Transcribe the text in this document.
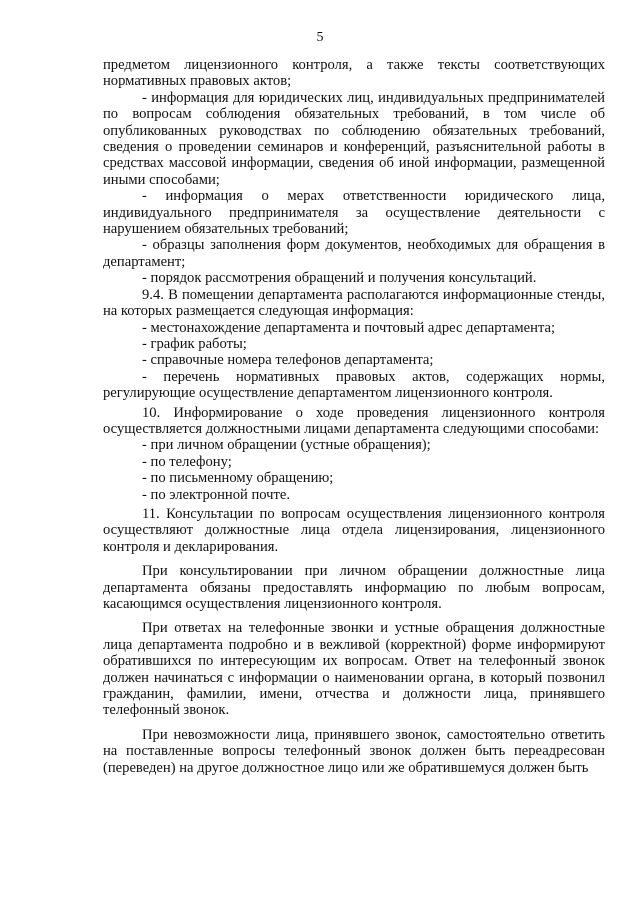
5

предметом лицензионного контроля, а также тексты соответствующих нормативных правовых актов;

- информация для юридических лиц, индивидуальных предпринимателей по вопросам соблюдения обязательных требований, в том числе об опубликованных руководствах по соблюдению обязательных требований, сведения о проведении семинаров и конференций, разъяснительной работы в средствах массовой информации, сведения об иной информации, размещенной иными способами;

- информация о мерах ответственности юридического лица, индивидуального предпринимателя за осуществление деятельности с нарушением обязательных требований;

- образцы заполнения форм документов, необходимых для обращения в департамент;

- порядок рассмотрения обращений и получения консультаций.

9.4. В помещении департамента располагаются информационные стенды, на которых размещается следующая информация:

- местонахождение департамента и почтовый адрес департамента;

- график работы;

- справочные номера телефонов департамента;

- перечень нормативных правовых актов, содержащих нормы, регулирующие осуществление департаментом лицензионного контроля.

10. Информирование о ходе проведения лицензионного контроля осуществляется должностными лицами департамента следующими способами:

- при личном обращении (устные обращения);

- по телефону;

- по письменному обращению;

- по электронной почте.

11. Консультации по вопросам осуществления лицензионного контроля осуществляют должностные лица отдела лицензирования, лицензионного контроля и декларирования.

При консультировании при личном обращении должностные лица департамента обязаны предоставлять информацию по любым вопросам, касающимся осуществления лицензионного контроля.

При ответах на телефонные звонки и устные обращения должностные лица департамента подробно и в вежливой (корректной) форме информируют обратившихся по интересующим их вопросам. Ответ на телефонный звонок должен начинаться с информации о наименовании органа, в который позвонил гражданин, фамилии, имени, отчества и должности лица, принявшего телефонный звонок.

При невозможности лица, принявшего звонок, самостоятельно ответить на поставленные вопросы телефонный звонок должен быть переадресован (переведен) на другое должностное лицо или же обратившемуся должен быть
